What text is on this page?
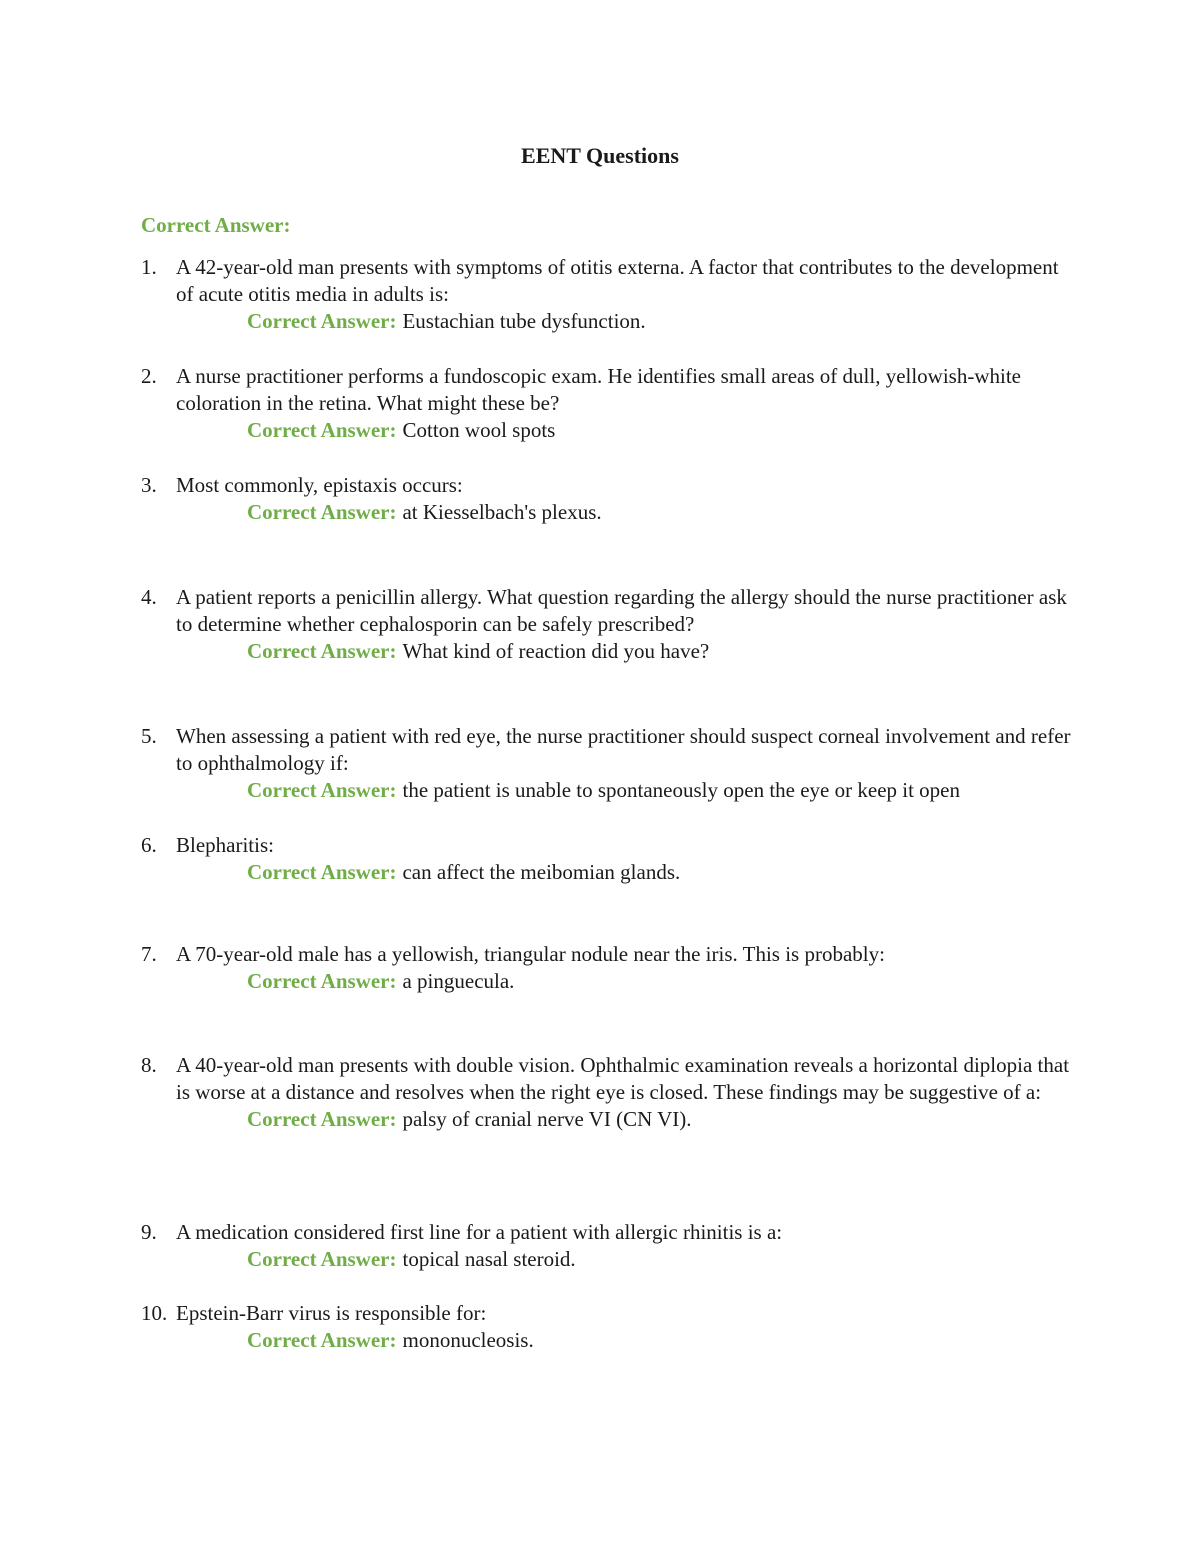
EENT Questions
Correct Answer:
1. A 42-year-old man presents with symptoms of otitis externa. A factor that contributes to the development of acute otitis media in adults is:
Correct Answer: Eustachian tube dysfunction.
2. A nurse practitioner performs a fundoscopic exam. He identifies small areas of dull, yellowish-white coloration in the retina. What might these be?
Correct Answer: Cotton wool spots
3. Most commonly, epistaxis occurs:
Correct Answer: at Kiesselbach's plexus.
4. A patient reports a penicillin allergy. What question regarding the allergy should the nurse practitioner ask to determine whether cephalosporin can be safely prescribed?
Correct Answer: What kind of reaction did you have?
5. When assessing a patient with red eye, the nurse practitioner should suspect corneal involvement and refer to ophthalmology if:
Correct Answer: the patient is unable to spontaneously open the eye or keep it open
6. Blepharitis:
Correct Answer: can affect the meibomian glands.
7. A 70-year-old male has a yellowish, triangular nodule near the iris. This is probably:
Correct Answer: a pinguecula.
8. A 40-year-old man presents with double vision. Ophthalmic examination reveals a horizontal diplopia that is worse at a distance and resolves when the right eye is closed. These findings may be suggestive of a:
Correct Answer: palsy of cranial nerve VI (CN VI).
9. A medication considered first line for a patient with allergic rhinitis is a:
Correct Answer: topical nasal steroid.
10. Epstein-Barr virus is responsible for:
Correct Answer: mononucleosis.
